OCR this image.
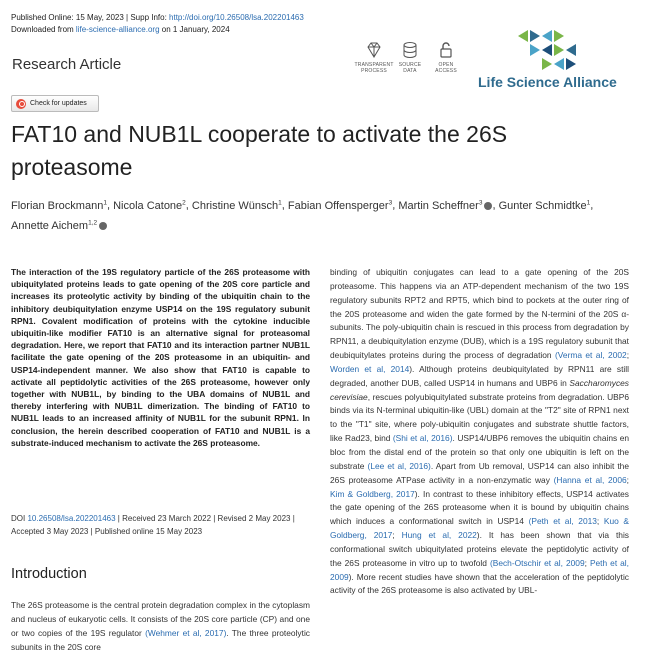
Published Online: 15 May, 2023 | Supp Info: http://doi.org/10.26508/lsa.202201463
Downloaded from life-science-alliance.org on 1 January, 2024
Research Article	TRANSPARENT PROCESS
SOURCE DATA
OPEN ACCESS
Life Science Alliance
Check for updates
FAT10 and NUB1L cooperate to activate the 26S proteasome
Florian Brockmann$^1$, Nicola Catone$^2$, Christine Wünsch$^1$, Fabian Offensperger$^3$, Martin Scheffner$^3$ , Gunter Schmidtke$^1$,
Annette Aichem$^{1,2}$
The interaction of the 19S regulatory particle of the 26S proteasome with ubiquitylated proteins leads to gate opening of the 20S core particle and increases its proteolytic activity by binding of the ubiquitin chain to the inhibitory deubiquitylation enzyme USP14 on the 19S regulatory subunit RPN1. Covalent modification of proteins with the cytokine inducible ubiquitin-like modifier FAT10 is an alternative signal for proteasomal degradation. Here, we report that FAT10 and its interaction partner NUB1L facilitate the gate opening of the 20S proteasome in an ubiquitin- and USP14-independent manner. We also show that FAT10 is capable to activate all peptidolytic activities of the 26S proteasome, however only together with NUB1L, by binding to the UBA domains of NUB1L and thereby interfering with NUB1L dimerization. The binding of FAT10 to NUB1L leads to an increased affinity of NUB1L for the subunit RPN1. In conclusion, the herein described cooperation of FAT10 and NUB1L is a substrate-induced mechanism to activate the 26S proteasome.
DOI 10.26508/lsa.202201463 | Received 23 March 2022 | Revised 2 May 2023 | Accepted 3 May 2023 | Published online 15 May 2023
Introduction
The 26S proteasome is the central protein degradation complex in the cytoplasm and nucleus of eukaryotic cells. It consists of the 20S core particle (CP) and one or two copies of the 19S regulator (Wehmer et al, 2017). The three proteolytic subunits in the 20S core
binding of ubiquitin conjugates can lead to a gate opening of the 20S proteasome. This happens via an ATP-dependent mechanism of the two 19S regulatory subunits RPT2 and RPT5, which bind to pockets at the outer ring of the 20S proteasome and widen the gate formed by the N-termini of the 20S α-subunits. The poly-ubiquitin chain is rescued in this process from degradation by RPN11, a deubiquitylation enzyme (DUB), which is a 19S regulatory subunit that deubiquitylates proteins during the process of degradation (Verma et al, 2002; Worden et al, 2014). Although proteins deubiquitylated by RPN11 are still degraded, another DUB, called USP14 in humans and UBP6 in Saccharomyces cerevisiae, rescues polyubiquitylated substrate proteins from degradation. UBP6 binds via its N-terminal ubiquitin-like (UBL) domain at the "T2" site of RPN1 next to the "T1" site, where poly-ubiquitin conjugates and substrate shuttle factors, like Rad23, bind (Shi et al, 2016). USP14/UBP6 removes the ubiquitin chains en bloc from the distal end of the protein so that only one ubiquitin is left on the substrate (Lee et al, 2016). Apart from Ub removal, USP14 can also inhibit the 26S proteasome ATPase activity in a non-enzymatic way (Hanna et al, 2006; Kim & Goldberg, 2017). In contrast to these inhibitory effects, USP14 activates the gate opening of the 26S proteasome when it is bound by ubiquitin chains which induces a conformational switch in USP14 (Peth et al, 2013; Kuo & Goldberg, 2017; Hung et al, 2022). It has been shown that via this conformational switch ubiquitylated proteins elevate the peptidolytic activity of the 26S proteasome in vitro up to twofold (Bech-Otschir et al, 2009; Peth et al, 2009). More recent studies have shown that the acceleration of the peptidolytic activity of the 26S proteasome is also activated by UBL-
